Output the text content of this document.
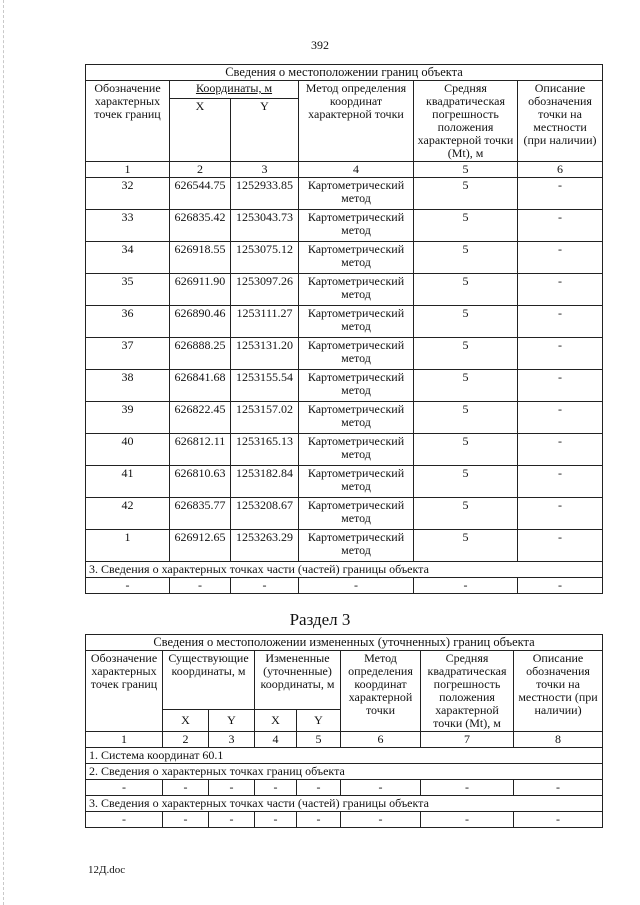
392
Сведения о местоположении границ объекта					
Обозначение характерных точек границ	Координаты, м		Метод определения координат характерной точки	Средняя квадратическая погрешность положения характерной точки (Mt), м	Описание обозначения точки на местности (при наличии)
	X	Y			
1	2	3	4	5	6
32	626544.75	1252933.85	Картометрический метод	5	-
33	626835.42	1253043.73	Картометрический метод	5	-
34	626918.55	1253075.12	Картометрический метод	5	-
35	626911.90	1253097.26	Картометрический метод	5	-
36	626890.46	1253111.27	Картометрический метод	5	-
37	626888.25	1253131.20	Картометрический метод	5	-
38	626841.68	1253155.54	Картометрический метод	5	-
39	626822.45	1253157.02	Картометрический метод	5	-
40	626812.11	1253165.13	Картометрический метод	5	-
41	626810.63	1253182.84	Картометрический метод	5	-
42	626835.77	1253208.67	Картометрический метод	5	-
1	626912.65	1253263.29	Картометрический метод	5	-
3. Сведения о характерных точках части (частей) границы объекта					
-	-	-	-	-	-
Раздел 3
Сведения о местоположении измененных (уточненных) границ объекта							
Обозначение характерных точек границ	Существующие координаты, м		Измененные (уточненные) координаты, м		Метод определения координат характерной точки	Средняя квадратическая погрешность положения характерной точки (Mt), м	Описание обозначения точки на местности (при наличии)
	X	Y	X	Y			
1	2	3	4	5	6	7	8
1. Система координат 60.1							
2. Сведения о характерных точках границ объекта							
-	-	-	-	-	-	-	-
3. Сведения о характерных точках части (частей) границы объекта							
-	-	-	-	-	-	-	-
12Д.doc
